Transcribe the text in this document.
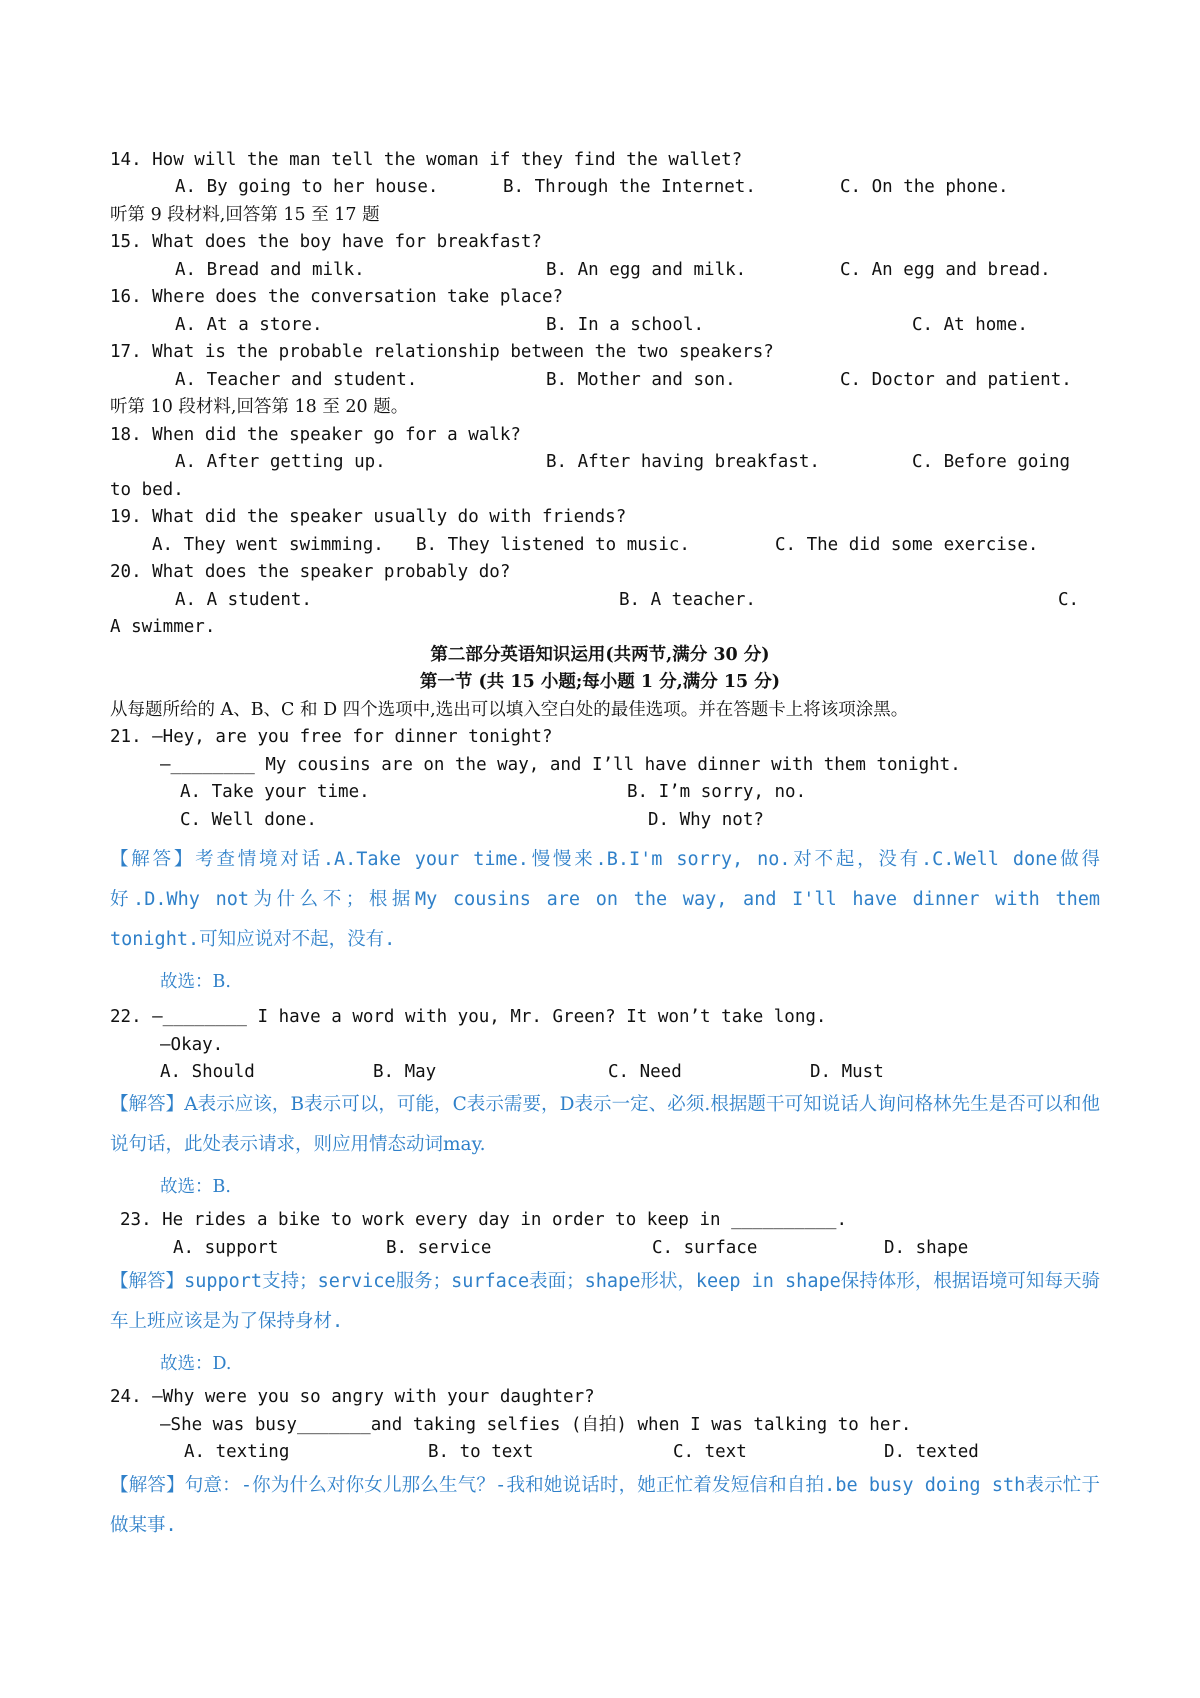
14. How will the man tell the woman if they find the wallet?
A. By going to her house.	B. Through the Internet.	C. On the phone.
听第 9 段材料,回答第 15 至 17 题
15. What does the boy have for breakfast?
A. Bread and milk.	B. An egg and milk.	C. An egg and bread.
16. Where does the conversation take place?
A. At a store.	B. In a school.	C. At home.
17. What is the probable relationship between the two speakers?
A. Teacher and student.	B. Mother and son.	C. Doctor and patient.
听第 10 段材料,回答第 18 至 20 题。
18. When did the speaker go for a walk?
A. After getting up.	B. After having breakfast.	C. Before going
to bed.
19. What did the speaker usually do with friends?
A. They went swimming. B. They listened to music.	C. The did some exercise.
20. What does the speaker probably do?
A. A student.	B. A teacher.	C.
A swimmer.
第二部分英语知识运用(共两节,满分 30 分)
第一节 (共 15 小题;每小题 1 分,满分 15 分)
从每题所给的 A、B、C 和 D 四个选项中,选出可以填入空白处的最佳选项。并在答题卡上将该项涂黑。
21. —Hey, are you free for dinner tonight?
—________ My cousins are on the way, and I’ll have dinner with them tonight.
A. Take your time.	B. I’m sorry, no.
C. Well done.	D. Why not?
【解答】考查情境对话.A.Take your time.慢慢来.B.I'm sorry, no.对不起，没有.C.Well done做得好.D.Why not为什么不；根据My cousins are on the way, and I'll have dinner with them tonight.可知应说对不起，没有.
故选：B.
22. —________ I have a word with you, Mr. Green? It won’t take long.
—Okay.
A. Should	B. May	C. Need	D. Must
【解答】A表示应该，B表示可以，可能，C表示需要，D表示一定、必须.根据题干可知说话人询问格林先生是否可以和他说句话，此处表示请求，则应用情态动词may.
故选：B.
23. He rides a bike to work every day in order to keep in __________.
A. support	B. service	C. surface	D. shape
【解答】support支持；service服务；surface表面；shape形状，keep in shape保持体形，根据语境可知每天骑车上班应该是为了保持身材.
故选：D.
24. —Why were you so angry with your daughter?
—She was busy_______and taking selfies (自拍) when I was talking to her.
A. texting	B. to text	C. text	D. texted
【解答】句意：-你为什么对你女儿那么生气？-我和她说话时，她正忙着发短信和自拍.be busy doing sth表示忙于做某事.
